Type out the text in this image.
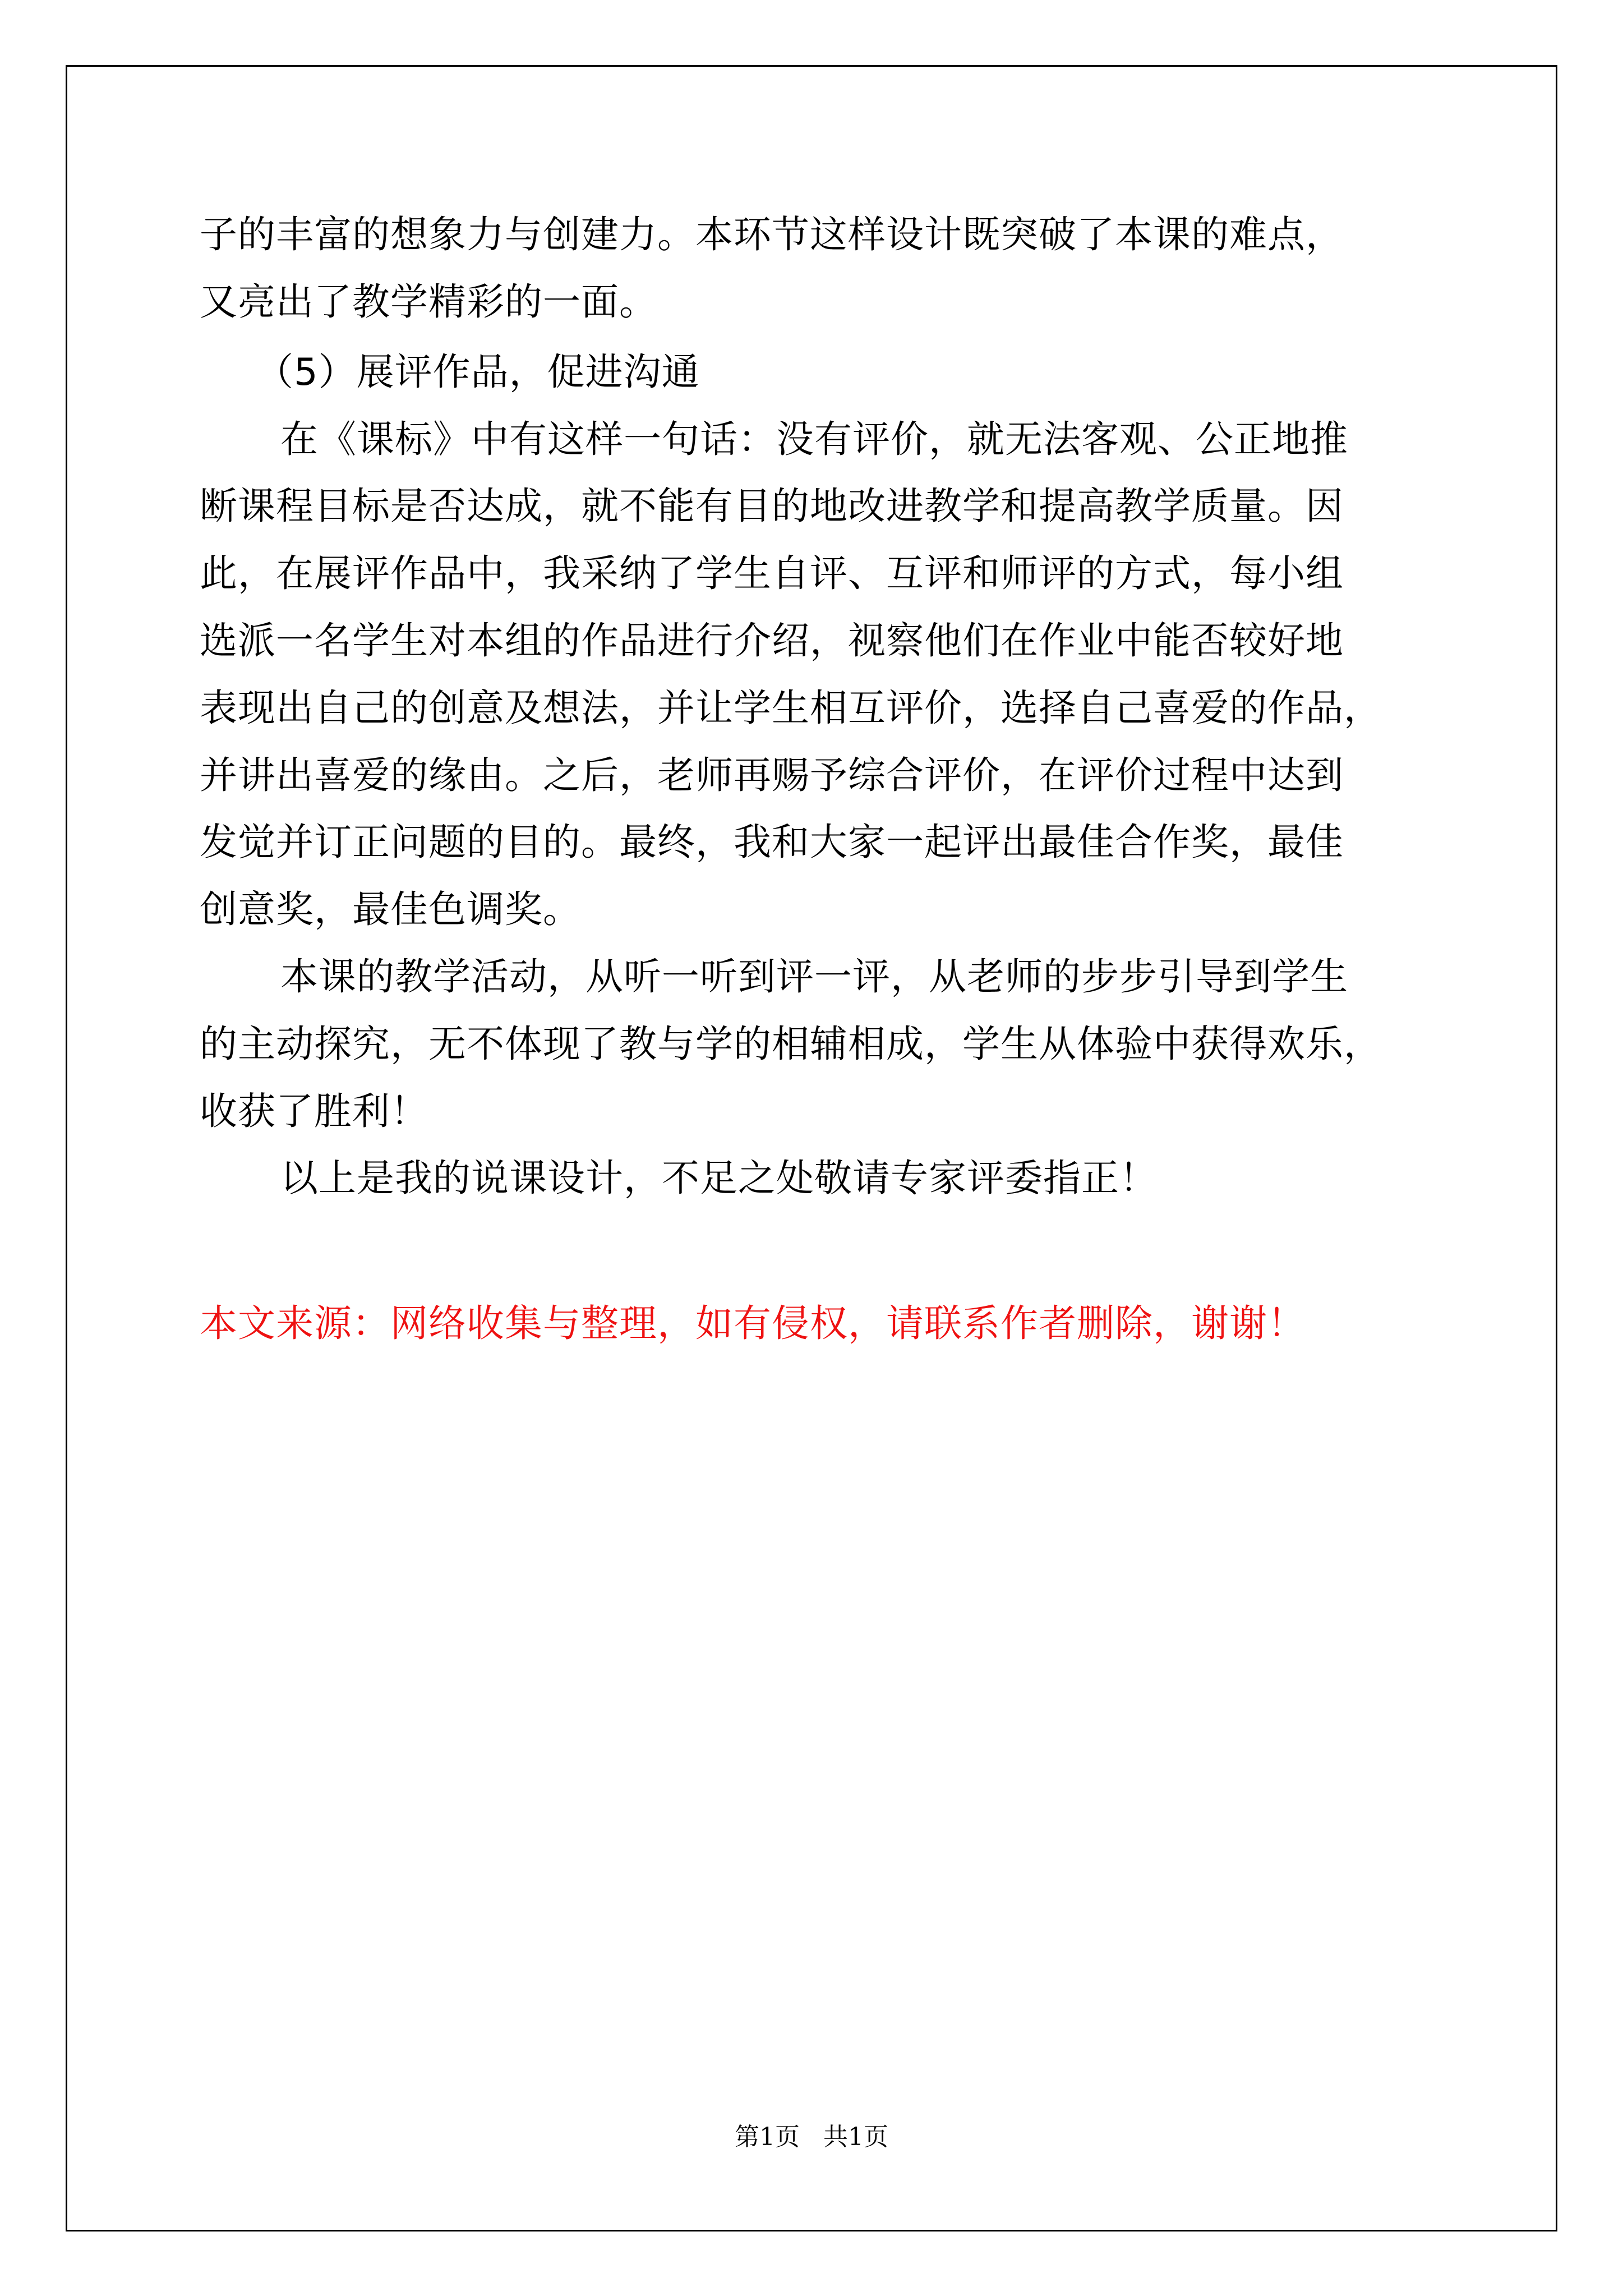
子的丰富的想象力与创建力。本环节这样设计既突破了本课的难点，
又亮出了教学精彩的一面。
（5）展评作品，促进沟通
在《课标》中有这样一句话：没有评价，就无法客观、公正地推
断课程目标是否达成，就不能有目的地改进教学和提高教学质量。因
此，在展评作品中，我采纳了学生自评、互评和师评的方式，每小组
选派一名学生对本组的作品进行介绍，视察他们在作业中能否较好地
表现出自己的创意及想法，并让学生相互评价，选择自己喜爱的作品，
并讲出喜爱的缘由。之后，老师再赐予综合评价，在评价过程中达到
发觉并订正问题的目的。最终，我和大家一起评出最佳合作奖，最佳
创意奖，最佳色调奖。
本课的教学活动，从听一听到评一评，从老师的步步引导到学生
的主动探究，无不体现了教与学的相辅相成，学生从体验中获得欢乐，
收获了胜利！
以上是我的说课设计，不足之处敬请专家评委指正！
本文来源：网络收集与整理，如有侵权，请联系作者删除，谢谢！
第1页 共1页
